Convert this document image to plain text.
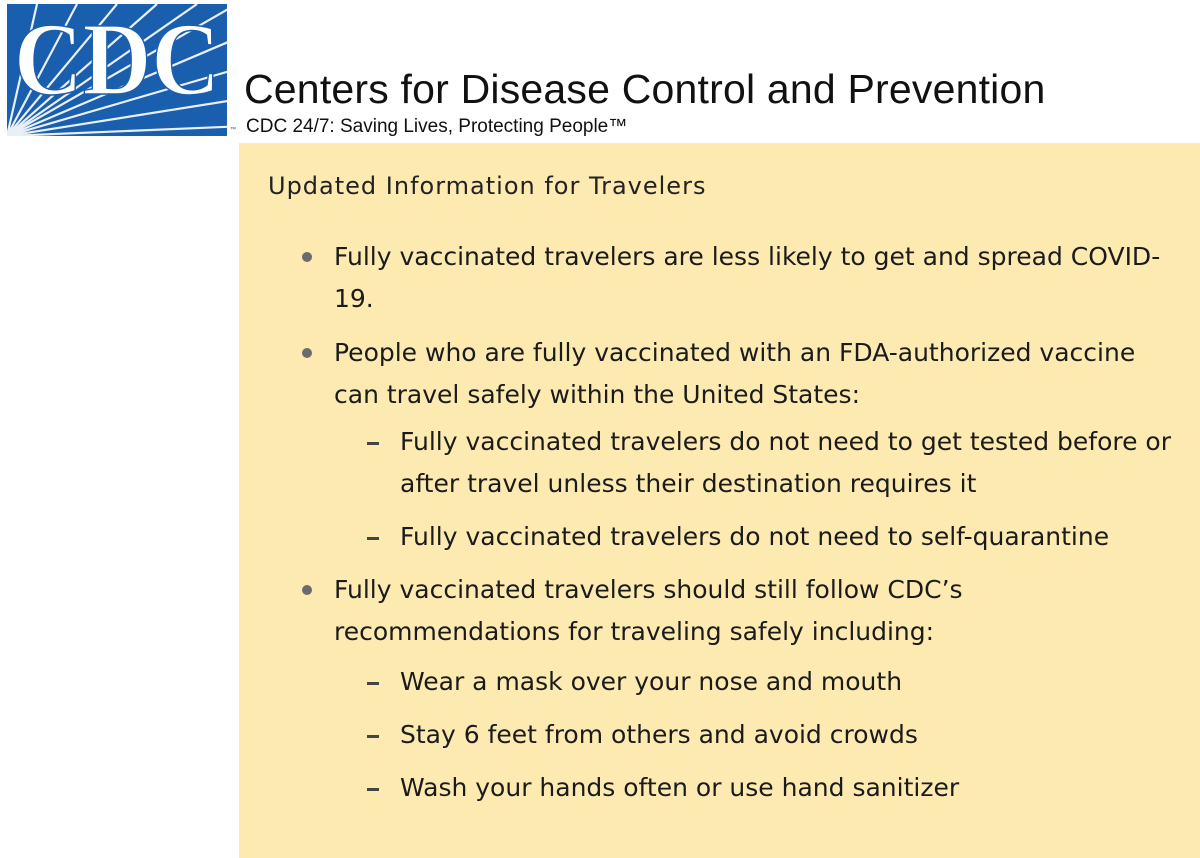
CDC
™
Centers for Disease Control and Prevention
CDC 24/7: Saving Lives, Protecting People™
Updated Information for Travelers
Fully vaccinated travelers are less likely to get and spread COVID-19.
People who are fully vaccinated with an FDA-authorized vaccine can travel safely within the United States:
Fully vaccinated travelers do not need to get tested before or after travel unless their destination requires it
Fully vaccinated travelers do not need to self-quarantine
Fully vaccinated travelers should still follow CDC’s recommendations for traveling safely including:
Wear a mask over your nose and mouth
Stay 6 feet from others and avoid crowds
Wash your hands often or use hand sanitizer
